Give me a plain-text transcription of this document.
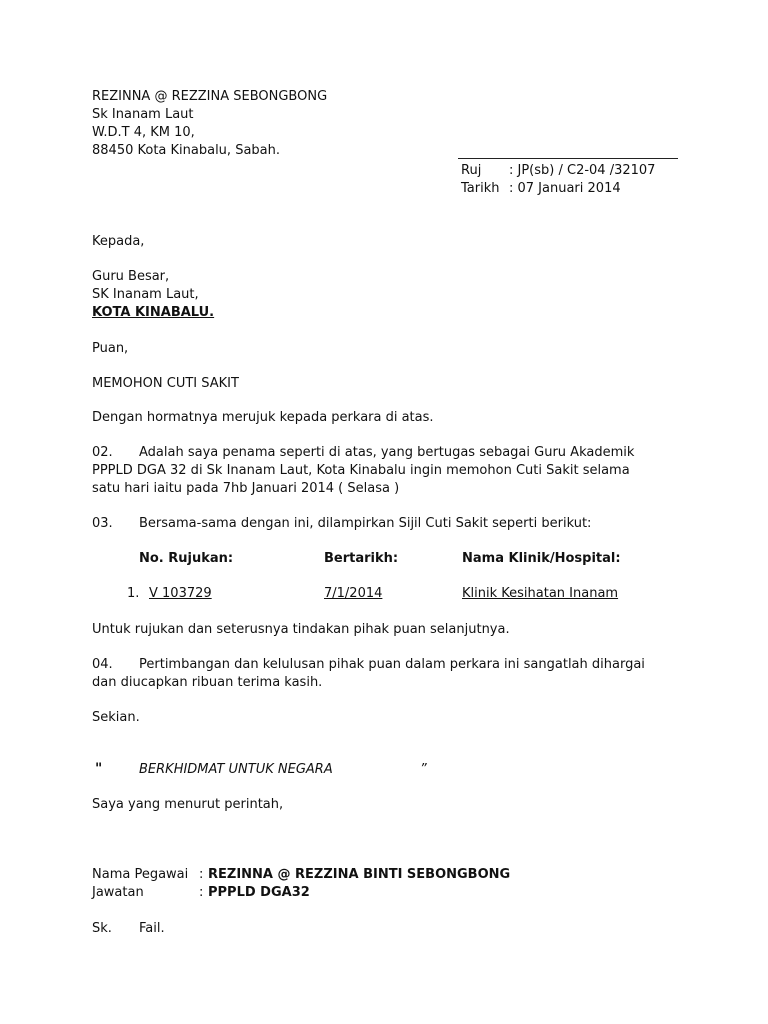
REZINNA @ REZZINA SEBONGBONG
Sk Inanam Laut
W.D.T 4, KM 10,
88450 Kota Kinabalu, Sabah.
Ruj : JP(sb) / C2-04 /32107
Tarikh : 07 Januari 2014
Kepada,
Guru Besar,
SK Inanam Laut,
KOTA KINABALU.
Puan,
MEMOHON CUTI SAKIT
Dengan hormatnya merujuk kepada perkara di atas.
02. Adalah saya penama seperti di atas, yang bertugas sebagai Guru Akademik
PPPLD DGA 32 di Sk Inanam Laut, Kota Kinabalu ingin memohon Cuti Sakit selama
satu hari iaitu pada 7hb Januari 2014 ( Selasa )
03. Bersama-sama dengan ini, dilampirkan Sijil Cuti Sakit seperti berikut:
No. Rujukan:	Bertarikh:	Nama Klinik/Hospital:
1. V 103729	7/1/2014	Klinik Kesihatan Inanam
Untuk rujukan dan seterusnya tindakan pihak puan selanjutnya.
04. Pertimbangan dan kelulusan pihak puan dalam perkara ini sangatlah dihargai
dan diucapkan ribuan terima kasih.
Sekian.
"	BERKHIDMAT UNTUK NEGARA	”
Saya yang menurut perintah,
Nama Pegawai : REZINNA @ REZZINA BINTI SEBONGBONG
Jawatan	: PPPLD DGA32
Sk. Fail.
